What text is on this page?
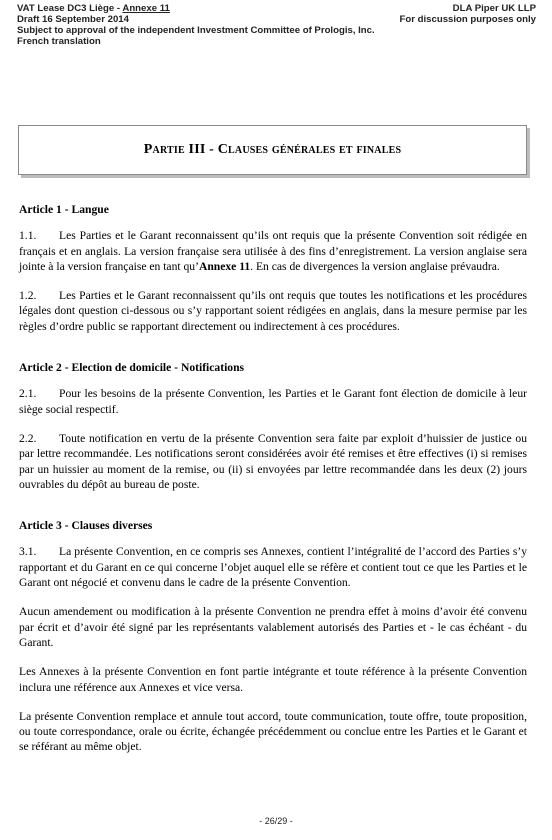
VAT Lease DC3 Liège - Annexe 11
Draft 16 September 2014
Subject to approval of the independent Investment Committee of Prologis, Inc.
French translation
DLA Piper UK LLP
For discussion purposes only
Partie III - Clauses générales et finales
Article 1 - Langue
1.1. Les Parties et le Garant reconnaissent qu’ils ont requis que la présente Convention soit rédigée en français et en anglais. La version française sera utilisée à des fins d’enregistrement. La version anglaise sera jointe à la version française en tant qu’Annexe 11. En cas de divergences la version anglaise prévaudra.
1.2. Les Parties et le Garant reconnaissent qu’ils ont requis que toutes les notifications et les procédures légales dont question ci-dessous ou s’y rapportant soient rédigées en anglais, dans la mesure permise par les règles d’ordre public se rapportant directement ou indirectement à ces procédures.
Article 2 - Election de domicile - Notifications
2.1. Pour les besoins de la présente Convention, les Parties et le Garant font élection de domicile à leur siège social respectif.
2.2. Toute notification en vertu de la présente Convention sera faite par exploit d’huissier de justice ou par lettre recommandée. Les notifications seront considérées avoir été remises et être effectives (i) si remises par un huissier au moment de la remise, ou (ii) si envoyées par lettre recommandée dans les deux (2) jours ouvrables du dépôt au bureau de poste.
Article 3 - Clauses diverses
3.1. La présente Convention, en ce compris ses Annexes, contient l’intégralité de l’accord des Parties s’y rapportant et du Garant en ce qui concerne l’objet auquel elle se réfère et contient tout ce que les Parties et le Garant ont négocié et convenu dans le cadre de la présente Convention.
Aucun amendement ou modification à la présente Convention ne prendra effet à moins d’avoir été convenu par écrit et d’avoir été signé par les représentants valablement autorisés des Parties et - le cas échéant - du Garant.
Les Annexes à la présente Convention en font partie intégrante et toute référence à la présente Convention inclura une référence aux Annexes et vice versa.
La présente Convention remplace et annule tout accord, toute communication, toute offre, toute proposition, ou toute correspondance, orale ou écrite, échangée précédemment ou conclue entre les Parties et le Garant et se référant au même objet.
- 26/29 -
